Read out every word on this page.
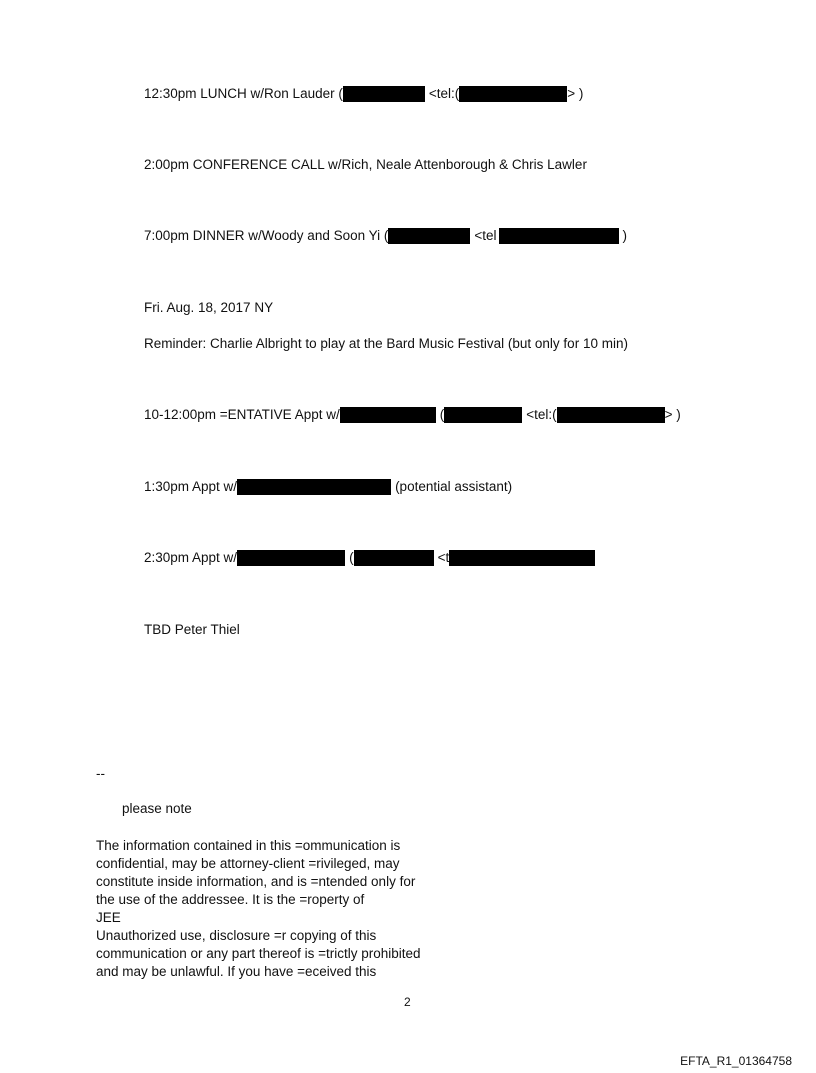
12:30pm LUNCH w/Ron Lauder (	<tel:(	> )
2:00pm CONFERENCE CALL w/Rich, Neale Attenborough & Chris Lawler
7:00pm DINNER w/Woody and Soon Yi (	<tel	)
Fri. Aug. 18, 2017 NY
Reminder: Charlie Albright to play at the Bard Music Festival (but only for 10 min)
10-12:00pm =ENTATIVE Appt w/	(	<tel:(	> )
1:30pm Appt w/	(potential assistant)
2:30pm Appt w/	(	<t
TBD Peter Thiel
--
please note
The information contained in this =ommunication is
confidential, may be attorney-client =rivileged, may
constitute inside information, and is =ntended only for
the use of the addressee. It is the =roperty of
JEE
Unauthorized use, disclosure =r copying of this
communication or any part thereof is =trictly prohibited
and may be unlawful. If you have =eceived this
2
EFTA_R1_01364758
